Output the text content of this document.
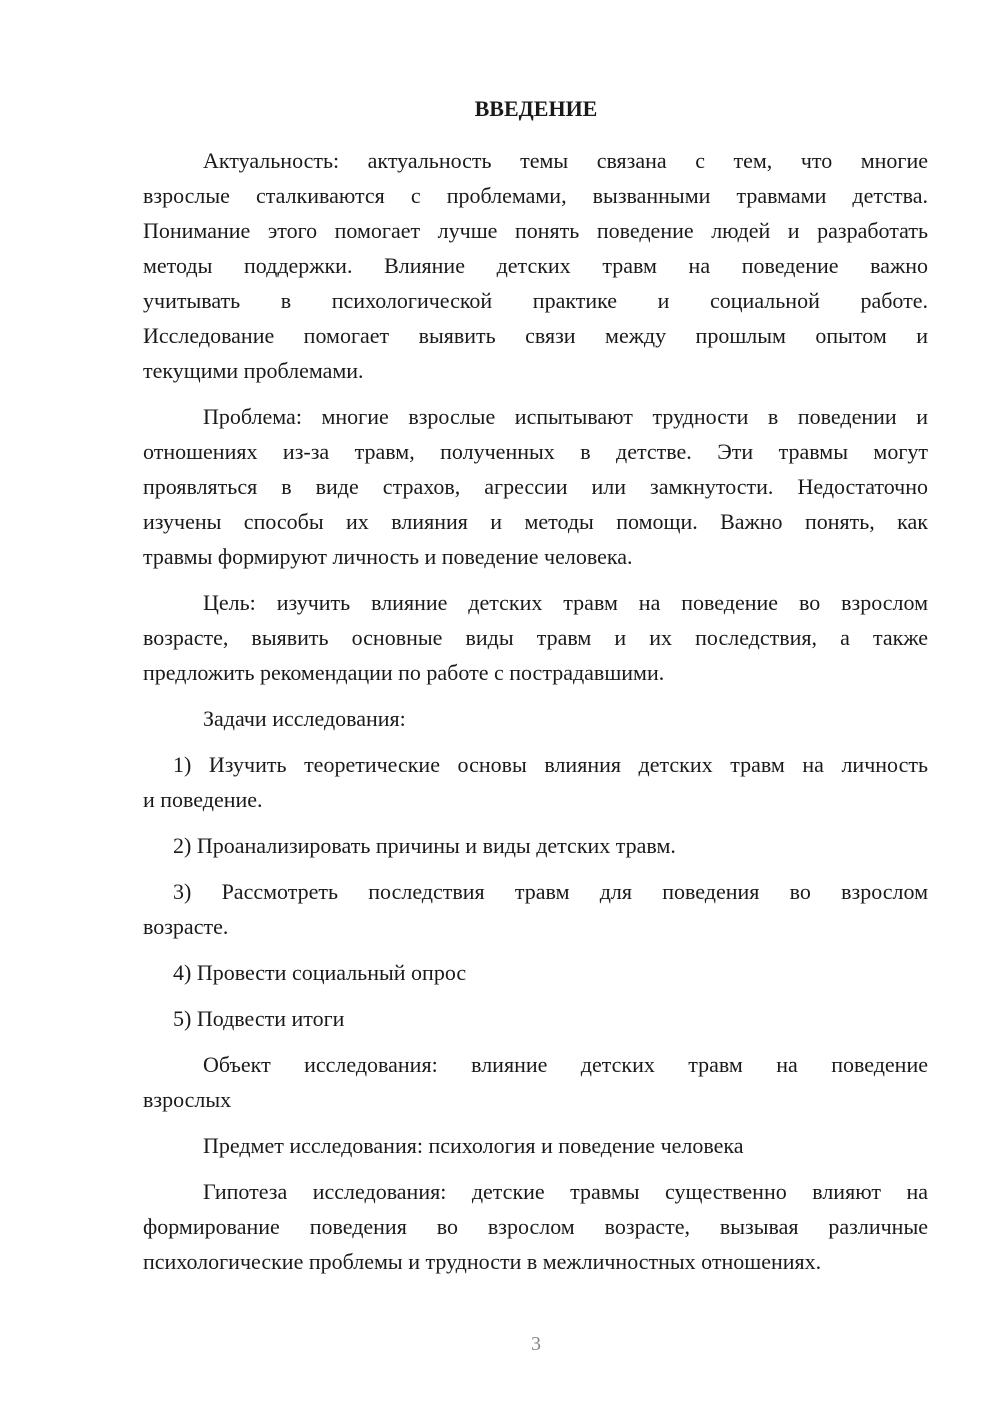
ВВЕДЕНИЕ
Актуальность: актуальность темы связана с тем, что многие
взрослые сталкиваются с проблемами, вызванными травмами детства.
Понимание этого помогает лучше понять поведение людей и разработать
методы поддержки. Влияние детских травм на поведение важно
учитывать в психологической практике и социальной работе.
Исследование помогает выявить связи между прошлым опытом и
текущими проблемами.
Проблема: многие взрослые испытывают трудности в поведении и
отношениях из-за травм, полученных в детстве. Эти травмы могут
проявляться в виде страхов, агрессии или замкнутости. Недостаточно
изучены способы их влияния и методы помощи. Важно понять, как
травмы формируют личность и поведение человека.
Цель: изучить влияние детских травм на поведение во взрослом
возрасте, выявить основные виды травм и их последствия, а также
предложить рекомендации по работе с пострадавшими.
Задачи исследования:
1) Изучить теоретические основы влияния детских травм на личность
и поведение.
2) Проанализировать причины и виды детских травм.
3) Рассмотреть последствия травм для поведения во взрослом
возрасте.
4) Провести социальный опрос
5) Подвести итоги
Объект исследования: влияние детских травм на поведение
взрослых
Предмет исследования: психология и поведение человека
Гипотеза исследования: детские травмы существенно влияют на
формирование поведения во взрослом возрасте, вызывая различные
психологические проблемы и трудности в межличностных отношениях.
3
